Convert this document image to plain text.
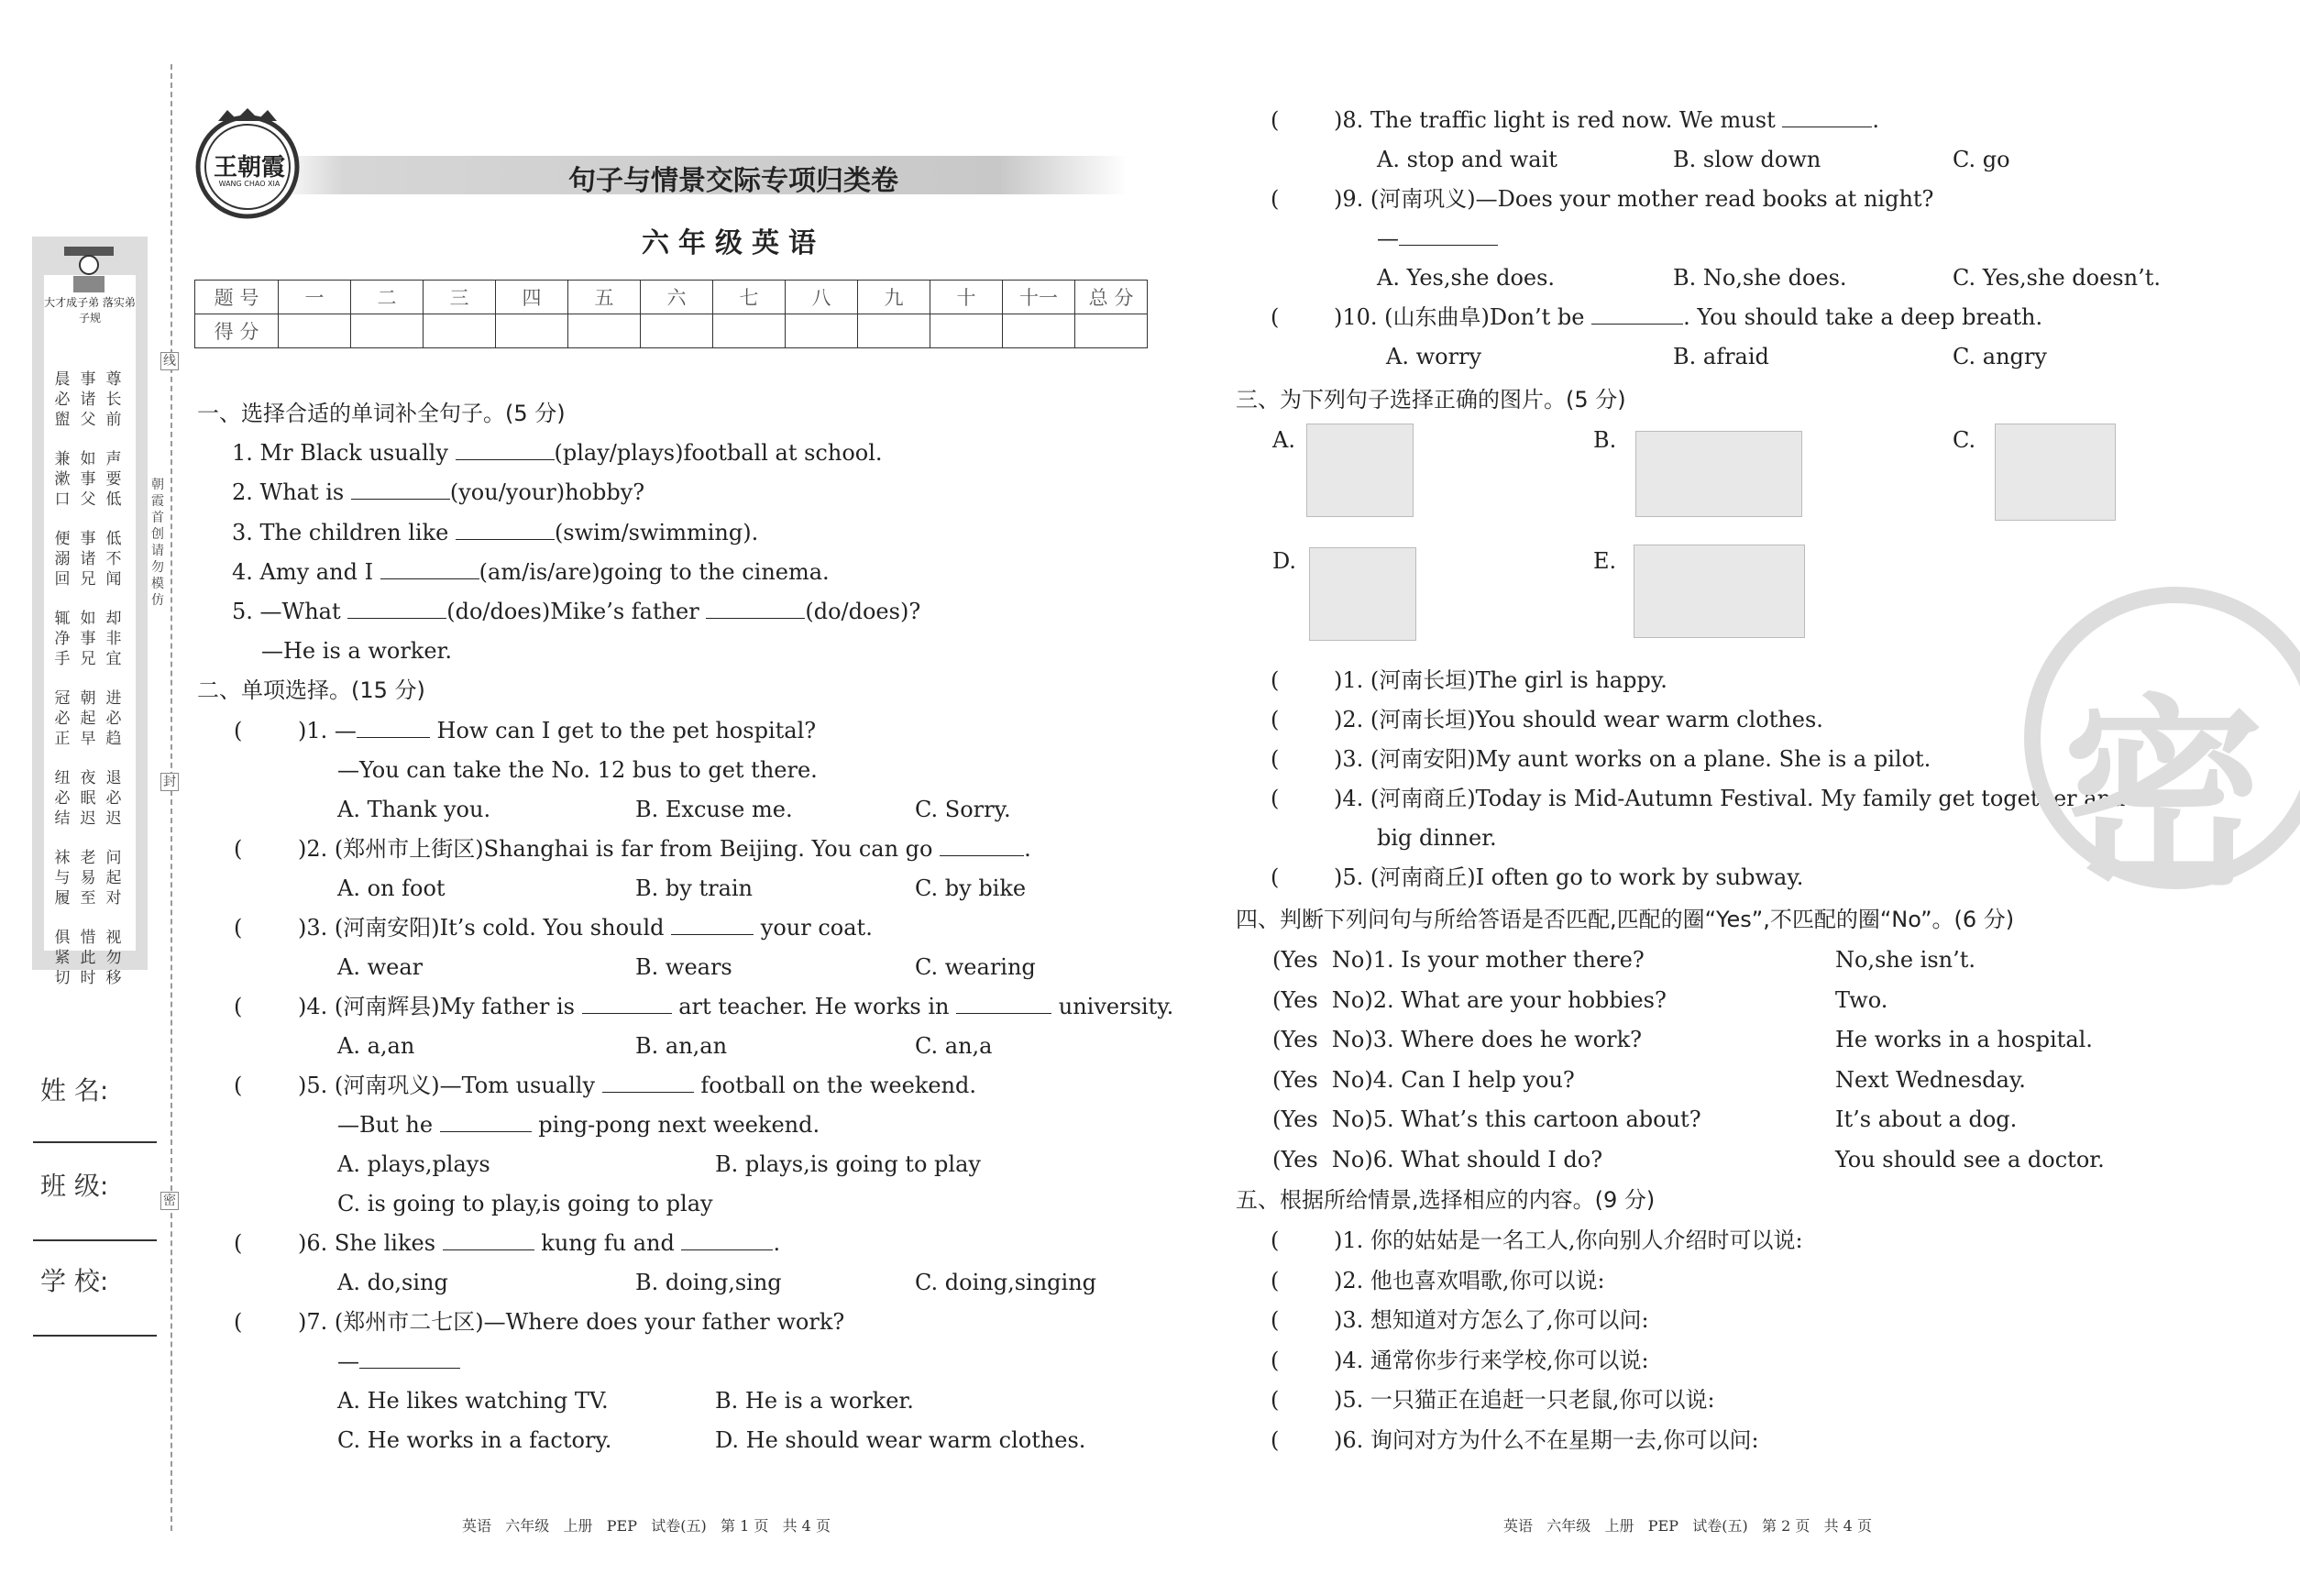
大才成子弟 落实弟子规
晨必盥
事诸父
尊长前
兼漱口
如事父
声要低
便溺回
事诸兄
低不闻
辄净手
如事兄
却非宜
冠必正
朝起早
进必趋
纽必结
夜眠迟
退必迟
袜与履
老易至
问起对
俱紧切
惜此时
视勿移
线
朝霞首创 请勿模仿
封
密
姓 名:
班 级:
学 校:
王朝霞
WANG CHAO XIA	句子与情景交际专项归类卷
六年级英语
题 号	一	二	三	四	五	六	七	八	九	十	十一	总 分
得 分												
一、选择合适的单词补全句子。(5 分)
1. Mr Black usually	(play/plays)football at school.
2. What is	(you/your)hobby?
3. The children like	(swim/swimming).
4. Amy and I	(am/is/are)going to the cinema.
5. —What	(do/does)Mike’s father	(do/does)?
—He is a worker.
二、单项选择。(15 分)
(	)1. —	How can I get to the pet hospital?
—You can take the No. 12 bus to get there.
A. Thank you.	B. Excuse me.	C. Sorry.
(	)2. (郑州市上街区)Shanghai is far from Beijing. You can go	.
A. on foot	B. by train	C. by bike
(	)3. (河南安阳)It’s cold. You should	your coat.
A. wear	B. wears	C. wearing
(	)4. (河南辉县)My father is	art teacher. He works in	university.
A. a,an	B. an,an	C. an,a
(	)5. (河南巩义)—Tom usually	football on the weekend.
—But he	ping-pong next weekend.
A. plays,plays	B. plays,is going to play
C. is going to play,is going to play
(	)6. She likes	kung fu and	.
A. do,sing	B. doing,sing	C. doing,singing
(	)7. (郑州市二七区)—Where does your father work?
—
A. He likes watching TV.	B. He is a worker.
C. He works in a factory.	D. He should wear warm clothes.
( )8. The traffic light is red now. We must	.
A. stop and wait	B. slow down	C. go
( )9. (河南巩义)—Does your mother read books at night?
—
A. Yes,she does.	B. No,she does.	C. Yes,she doesn’t.
( )10. (山东曲阜)Don’t be	. You should take a deep breath.
A. worry	B. afraid	C. angry
三、为下列句子选择正确的图片。(5 分)
A.	B.	C.
D.	E.
( )1. (河南长垣)The girl is happy.
( )2. (河南长垣)You should wear warm clothes.
( )3. (河南安阳)My aunt works on a plane. She is a pilot.
( )4. (河南商丘)Today is Mid-Autumn Festival. My family get together and have a
big dinner.
( )5. (河南商丘)I often go to work by subway.
四、判断下列问句与所给答语是否匹配,匹配的圈“Yes”,不匹配的圈“No”。(6 分)
(Yes  No)1. Is your mother there?	No,she isn’t.
(Yes  No)2. What are your hobbies?	Two.
(Yes  No)3. Where does he work?	He works in a hospital.
(Yes  No)4. Can I help you?	Next Wednesday.
(Yes  No)5. What’s this cartoon about?	It’s about a dog.
(Yes  No)6. What should I do?	You should see a doctor.
五、根据所给情景,选择相应的内容。(9 分)
( )1. 你的姑姑是一名工人,你向别人介绍时可以说:
( )2. 他也喜欢唱歌,你可以说:
( )3. 想知道对方怎么了,你可以问:
( )4. 通常你步行来学校,你可以说:
( )5. 一只猫正在追赶一只老鼠,你可以说:
( )6. 询问对方为什么不在星期一去,你可以问:
密
英语   六年级   上册   PEP   试卷(五)   第 1 页   共 4 页	英语   六年级   上册   PEP   试卷(五)   第 2 页   共 4 页
